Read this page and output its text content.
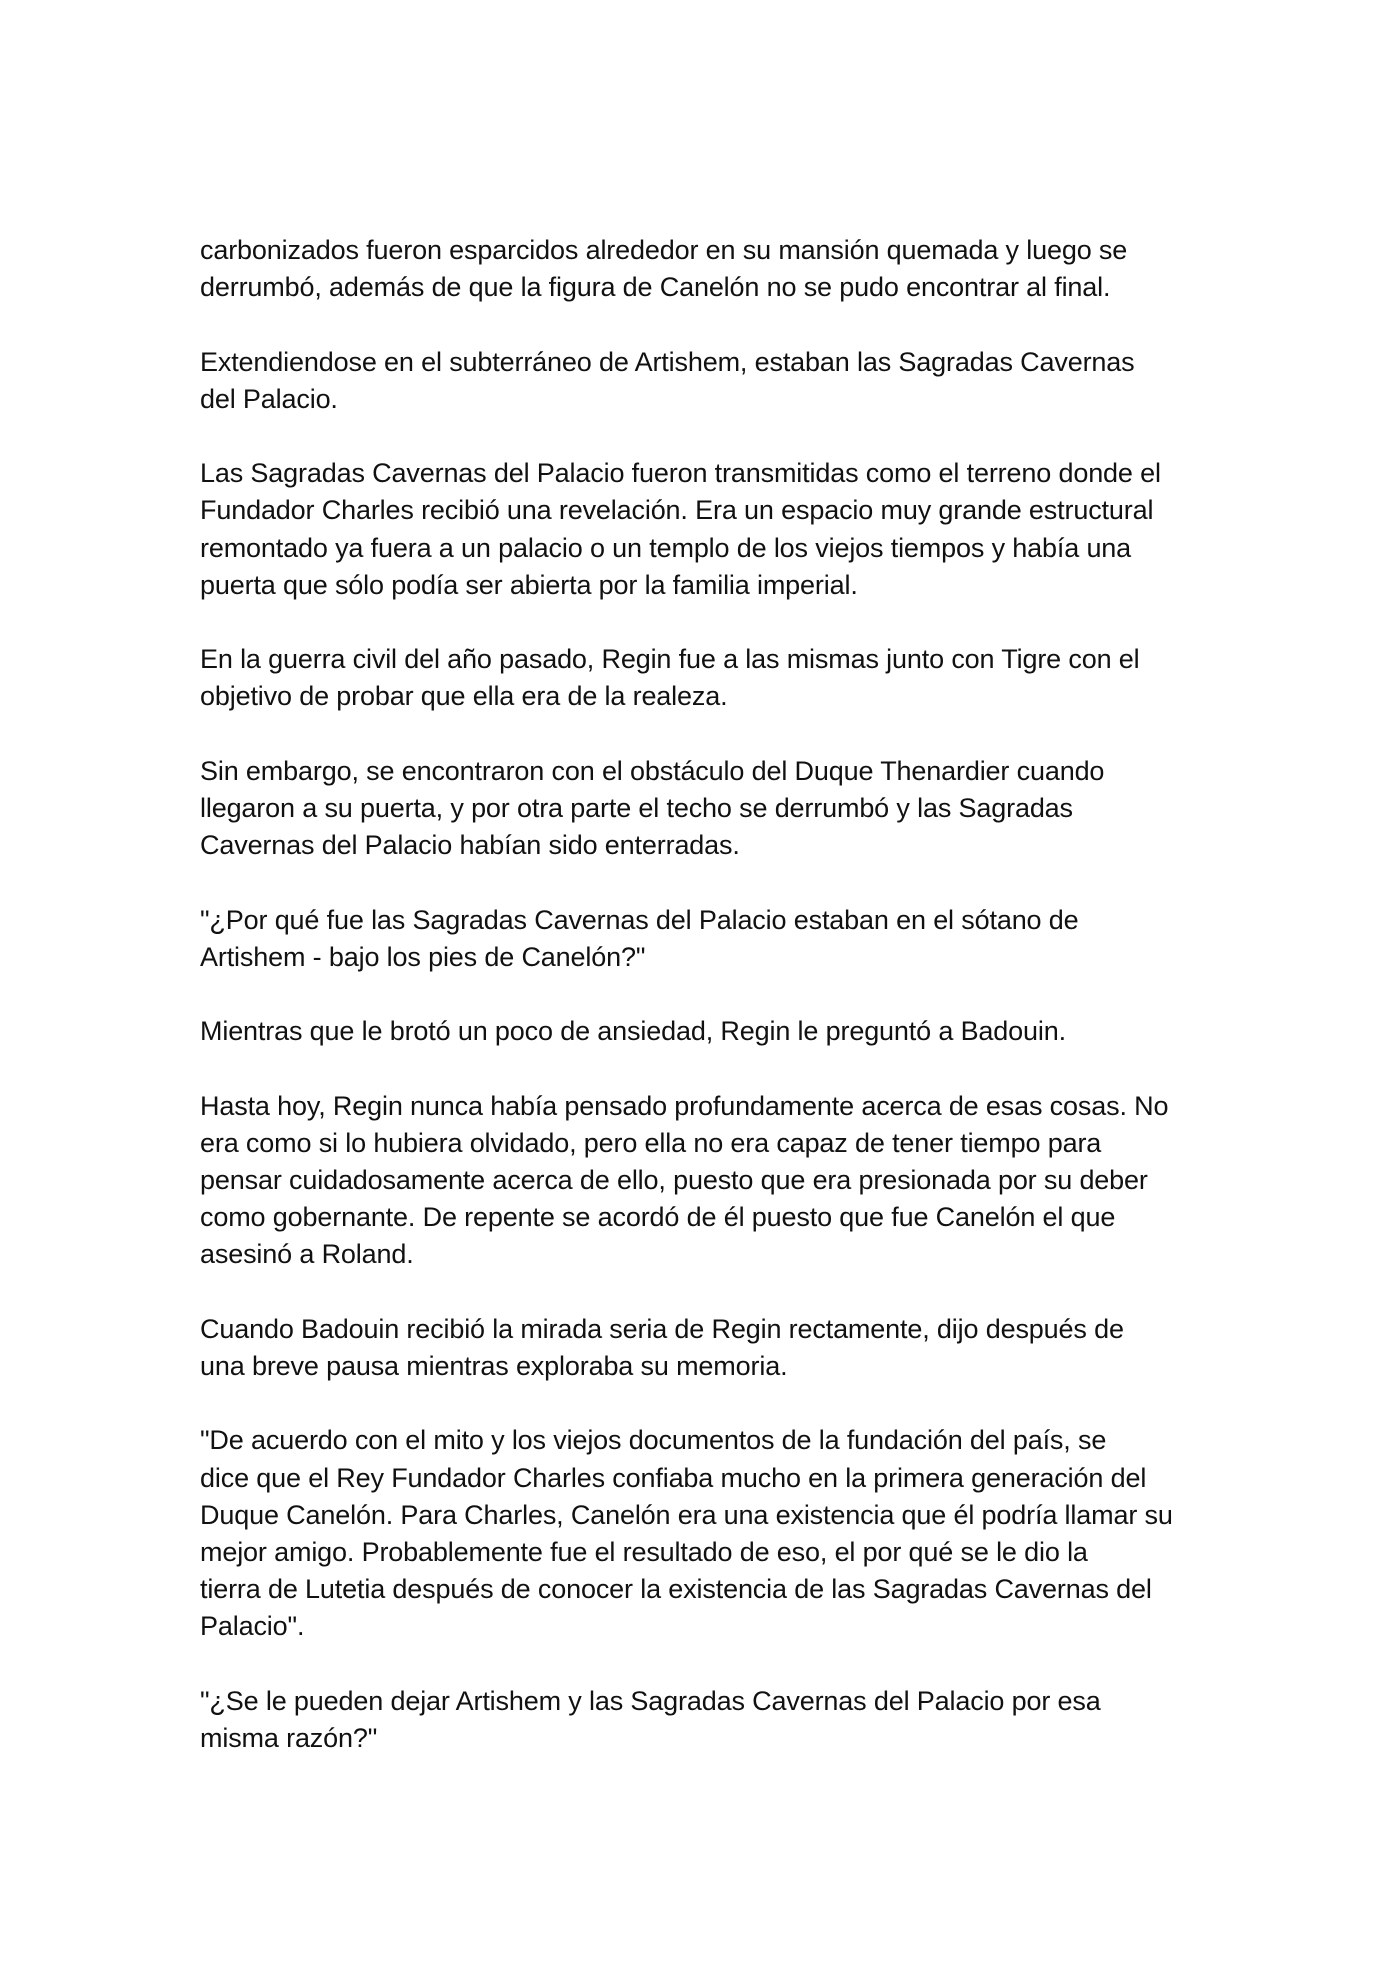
carbonizados fueron esparcidos alrededor en su mansión quemada y luego se
derrumbó, además de que la figura de Canelón no se pudo encontrar al final.

Extendiendose en el subterráneo de Artishem, estaban las Sagradas Cavernas
del Palacio.

Las Sagradas Cavernas del Palacio fueron transmitidas como el terreno donde el
Fundador Charles recibió una revelación. Era un espacio muy grande estructural
remontado ya fuera a un palacio o un templo de los viejos tiempos y había una
puerta que sólo podía ser abierta por la familia imperial.

En la guerra civil del año pasado, Regin fue a las mismas junto con Tigre con el
objetivo de probar que ella era de la realeza.

Sin embargo, se encontraron con el obstáculo del Duque Thenardier cuando
llegaron a su puerta, y por otra parte el techo se derrumbó y las Sagradas
Cavernas del Palacio habían sido enterradas.

"¿Por qué fue las Sagradas Cavernas del Palacio estaban en el sótano de
Artishem - bajo los pies de Canelón?"

Mientras que le brotó un poco de ansiedad, Regin le preguntó a Badouin.

Hasta hoy, Regin nunca había pensado profundamente acerca de esas cosas. No
era como si lo hubiera olvidado, pero ella no era capaz de tener tiempo para
pensar cuidadosamente acerca de ello, puesto que era presionada por su deber
como gobernante. De repente se acordó de él puesto que fue Canelón el que
asesinó a Roland.

Cuando Badouin recibió la mirada seria de Regin rectamente, dijo después de
una breve pausa mientras exploraba su memoria.

"De acuerdo con el mito y los viejos documentos de la fundación del país, se
dice que el Rey Fundador Charles confiaba mucho en la primera generación del
Duque Canelón. Para Charles, Canelón era una existencia que él podría llamar su
mejor amigo. Probablemente fue el resultado de eso, el por qué se le dio la
tierra de Lutetia después de conocer la existencia de las Sagradas Cavernas del
Palacio".

"¿Se le pueden dejar Artishem y las Sagradas Cavernas del Palacio por esa
misma razón?"
